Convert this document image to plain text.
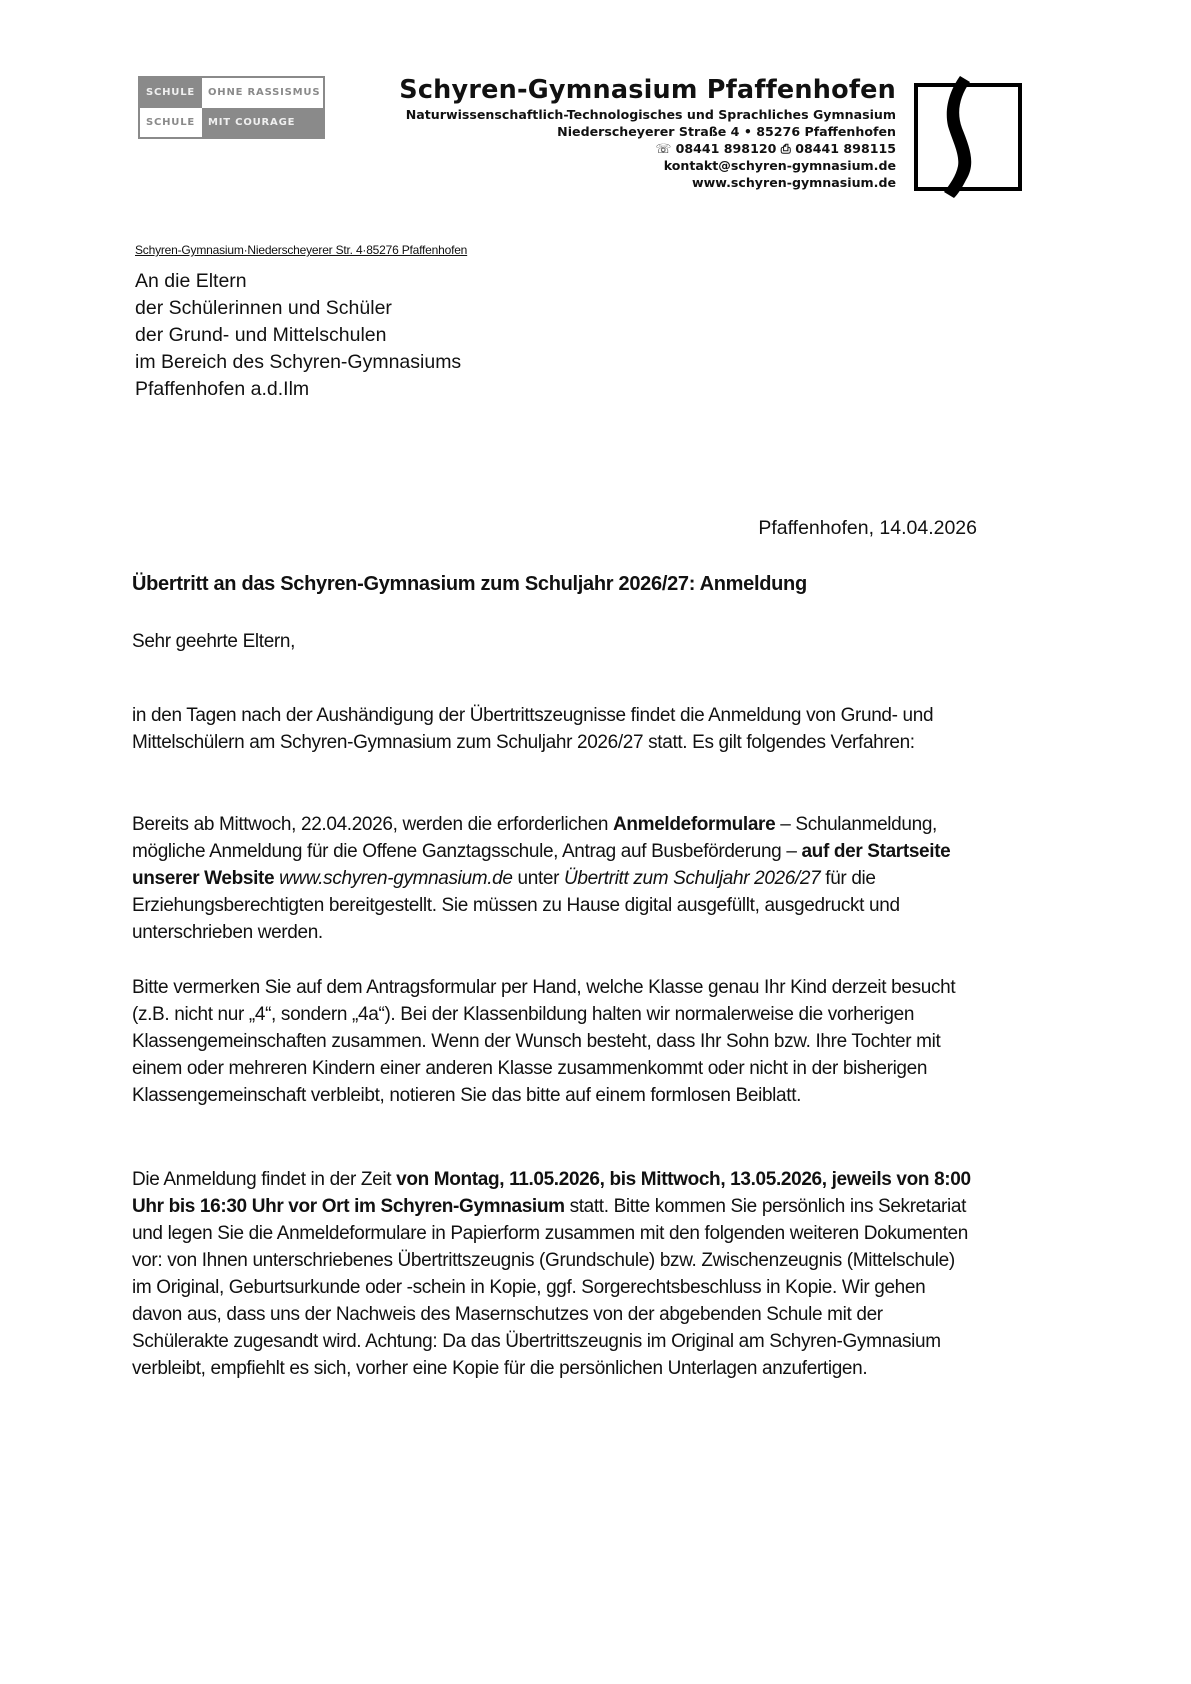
SCHULE	OHNE RASSISMUS
SCHULE	MIT COURAGE
Schyren-Gymnasium Pfaffenhofen
Naturwissenschaftlich-Technologisches und Sprachliches Gymnasium
Niederscheyerer Straße 4 • 85276 Pfaffenhofen
☏ 08441 898120 ⎙ 08441 898115
kontakt@schyren-gymnasium.de
www.schyren-gymnasium.de
Schyren-Gymnasium·Niederscheyerer Str. 4·85276 Pfaffenhofen
An die Eltern
der Schülerinnen und Schüler
der Grund- und Mittelschulen
im Bereich des Schyren-Gymnasiums
Pfaffenhofen a.d.Ilm
Pfaffenhofen, 14.04.2026
Übertritt an das Schyren-Gymnasium zum Schuljahr 2026/27: Anmeldung
Sehr geehrte Eltern,

in den Tagen nach der Aushändigung der Übertrittszeugnisse findet die Anmeldung von Grund- und Mittelschülern am Schyren-Gymnasium zum Schuljahr 2026/27 statt. Es gilt folgendes Verfahren:

Bereits ab Mittwoch, 22.04.2026, werden die erforderlichen Anmeldeformulare – Schulanmeldung, mögliche Anmeldung für die Offene Ganztagsschule, Antrag auf Busbeförderung – auf der Startseite unserer Website www.schyren-gymnasium.de unter Übertritt zum Schuljahr 2026/27 für die Erziehungsberechtigten bereitgestellt. Sie müssen zu Hause digital ausgefüllt, ausgedruckt und unterschrieben werden.

Bitte vermerken Sie auf dem Antragsformular per Hand, welche Klasse genau Ihr Kind derzeit besucht (z.B. nicht nur „4“, sondern „4a“). Bei der Klassenbildung halten wir normalerweise die vorherigen Klassengemeinschaften zusammen. Wenn der Wunsch besteht, dass Ihr Sohn bzw. Ihre Tochter mit einem oder mehreren Kindern einer anderen Klasse zusammenkommt oder nicht in der bisherigen Klassengemeinschaft verbleibt, notieren Sie das bitte auf einem formlosen Beiblatt.

Die Anmeldung findet in der Zeit von Montag, 11.05.2026, bis Mittwoch, 13.05.2026, jeweils von 8:00 Uhr bis 16:30 Uhr vor Ort im Schyren-Gymnasium statt. Bitte kommen Sie persönlich ins Sekretariat und legen Sie die Anmeldeformulare in Papierform zusammen mit den folgenden weiteren Dokumenten vor: von Ihnen unterschriebenes Übertrittszeugnis (Grundschule) bzw. Zwischenzeugnis (Mittelschule) im Original, Geburtsurkunde oder -schein in Kopie, ggf. Sorgerechtsbeschluss in Kopie. Wir gehen davon aus, dass uns der Nachweis des Masernschutzes von der abgebenden Schule mit der Schülerakte zugesandt wird. Achtung: Da das Übertrittszeugnis im Original am Schyren-Gymnasium verbleibt, empfiehlt es sich, vorher eine Kopie für die persönlichen Unterlagen anzufertigen.
